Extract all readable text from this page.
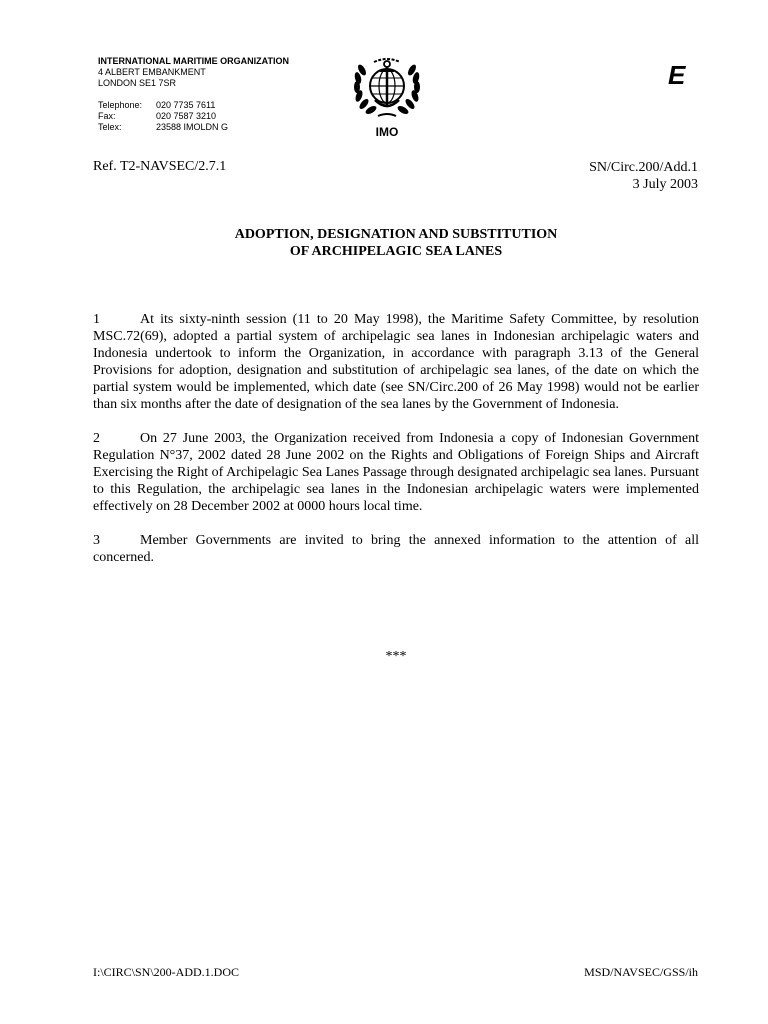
INTERNATIONAL MARITIME ORGANIZATION
4 ALBERT EMBANKMENT
LONDON SE1 7SR
Telephone:	020 7735 7611
Fax:	020 7587 3210
Telex:	23588 IMOLDN G	IMO
E
Ref. T2-NAVSEC/2.7.1	SN/Circ.200/Add.1
3 July 2003
ADOPTION, DESIGNATION AND SUBSTITUTION
OF ARCHIPELAGIC SEA LANES

1	At its sixty-ninth session (11 to 20 May 1998), the Maritime Safety Committee, by resolution MSC.72(69), adopted a partial system of archipelagic sea lanes in Indonesian archipelagic waters and Indonesia undertook to inform the Organization, in accordance with paragraph 3.13 of the General Provisions for adoption, designation and substitution of archipelagic sea lanes, of the date on which the partial system would be implemented, which date (see SN/Circ.200 of 26 May 1998) would not be earlier than six months after the date of designation of the sea lanes by the Government of Indonesia.

2	On 27 June 2003, the Organization received from Indonesia a copy of Indonesian Government Regulation N°37, 2002 dated 28 June 2002 on the Rights and Obligations of Foreign Ships and Aircraft Exercising the Right of Archipelagic Sea Lanes Passage through designated archipelagic sea lanes. Pursuant to this Regulation, the archipelagic sea lanes in the Indonesian archipelagic waters were implemented effectively on 28 December 2002 at 0000 hours local time.

3	Member Governments are invited to bring the annexed information to the attention of all concerned.

***
I:\CIRC\SN\200-ADD.1.DOC	MSD/NAVSEC/GSS/ih
